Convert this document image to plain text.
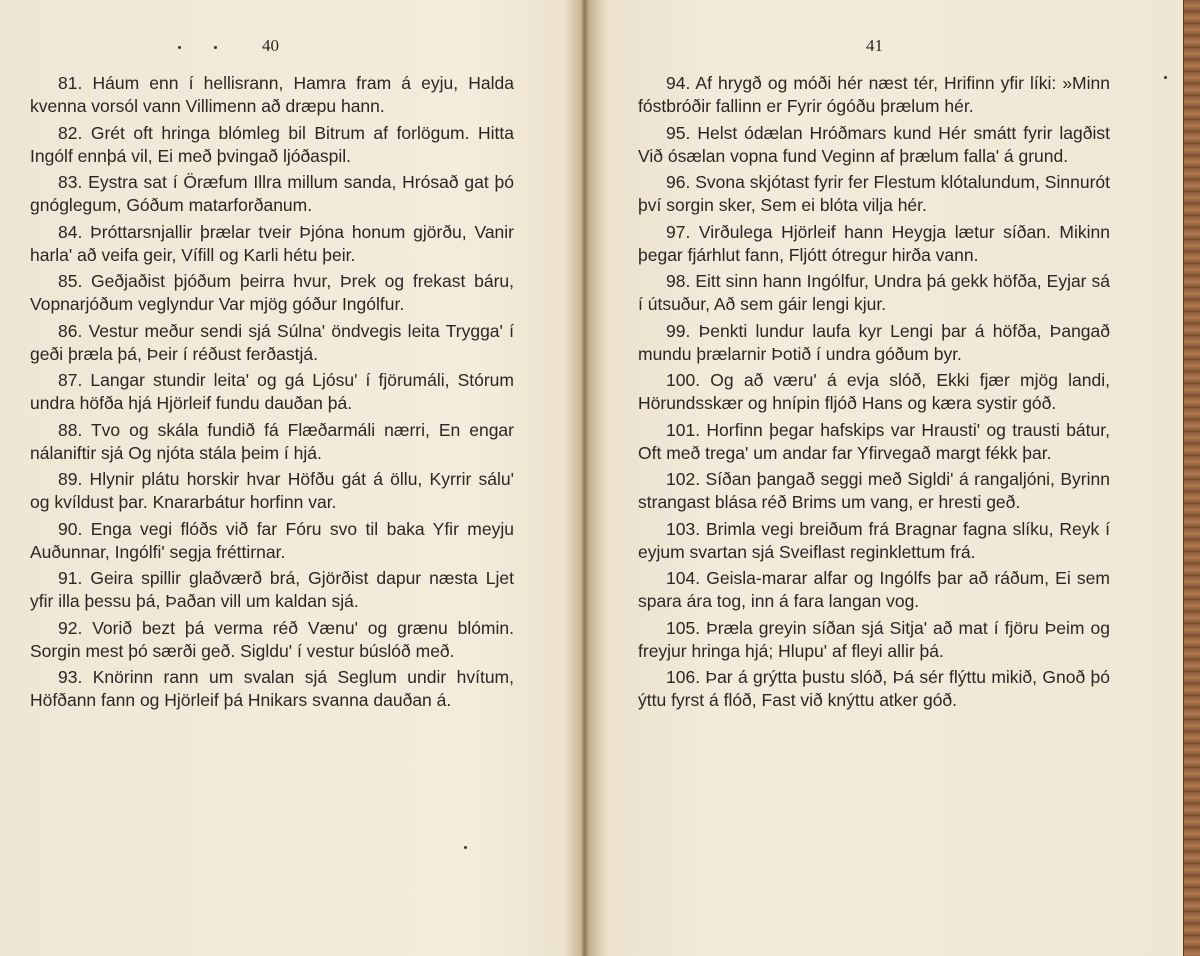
40

81. Háum enn í hellisrann, Hamra fram á eyju, Halda kvenna vorsól vann Villimenn að dræpu hann.

82. Grét oft hringa blómleg bil Bitrum af forlögum. Hitta Ingólf ennþá vil, Ei með þvingað ljóðaspil.

83. Eystra sat í Öræfum Illra millum sanda, Hrósað gat þó gnóglegum, Góðum matarforðanum.

84. Þróttarsnjallir þrælar tveir Þjóna honum gjörðu, Vanir harla' að veifa geir, Vífill og Karli hétu þeir.

85. Geðjaðist þjóðum þeirra hvur, Þrek og frekast báru, Vopnarjóðum veglyndur Var mjög góður Ingólfur.

86. Vestur meður sendi sjá Súlna' öndvegis leita Trygga' í geði þræla þá, Þeir í réðust ferðastjá.

87. Langar stundir leita' og gá Ljósu' í fjörumáli, Stórum undra höfða hjá Hjörleif fundu dauðan þá.

88. Tvo og skála fundið fá Flæðarmáli nærri, En engar nálaniftir sjá Og njóta stála þeim í hjá.

89. Hlynir plátu horskir hvar Höfðu gát á öllu, Kyrrir sálu' og kvíldust þar. Knararbátur horfinn var.

90. Enga vegi flóðs við far Fóru svo til baka Yfir meyju Auðunnar, Ingólfi' segja fréttirnar.

91. Geira spillir glaðværð brá, Gjörðist dapur næsta Ljet yfir illa þessu þá, Þaðan vill um kaldan sjá.

92. Vorið bezt þá verma réð Vænu' og grænu blómin. Sorgin mest þó særði geð. Sigldu' í vestur búslóð með.

93. Knörinn rann um svalan sjá Seglum undir hvítum, Höfðann fann og Hjörleif þá Hnikars svanna dauðan á.

41

94. Af hrygð og móði hér næst tér, Hrifinn yfir líki: »Minn fóstbróðir fallinn er Fyrir ógóðu þrælum hér.

95. Helst ódælan Hróðmars kund Hér smátt fyrir lagðist Við ósælan vopna fund Veginn af þrælum falla' á grund.

96. Svona skjótast fyrir fer Flestum klótalundum, Sinnurót því sorgin sker, Sem ei blóta vilja hér.

97. Virðulega Hjörleif hann Heygja lætur síðan. Mikinn þegar fjárhlut fann, Fljótt ótregur hirða vann.

98. Eitt sinn hann Ingólfur, Undra þá gekk höfða, Eyjar sá í útsuður, Að sem gáir lengi kjur.

99. Þenkti lundur laufa kyr Lengi þar á höfða, Þangað mundu þrælarnir Þotið í undra góðum byr.

100. Og að væru' á evja slóð, Ekki fjær mjög landi, Hörundsskær og hnípin fljóð Hans og kæra systir góð.

101. Horfinn þegar hafskips var Hrausti' og trausti bátur, Oft með trega' um andar far Yfirvegað margt fékk þar.

102. Síðan þangað seggi með Sigldi' á rangaljóni, Byrinn strangast blása réð Brims um vang, er hresti geð.

103. Brimla vegi breiðum frá Bragnar fagna slíku, Reyk í eyjum svartan sjá Sveiflast reginklettum frá.

104. Geisla-marar alfar og Ingólfs þar að ráðum, Ei sem spara ára tog, inn á fara langan vog.

105. Þræla greyin síðan sjá Sitja' að mat í fjöru Þeim og freyjur hringa hjá; Hlupu' af fleyi allir þá.

106. Þar á grýtta þustu slóð, Þá sér flýttu mikið, Gnoð þó ýttu fyrst á flóð, Fast við knýttu atker góð.
